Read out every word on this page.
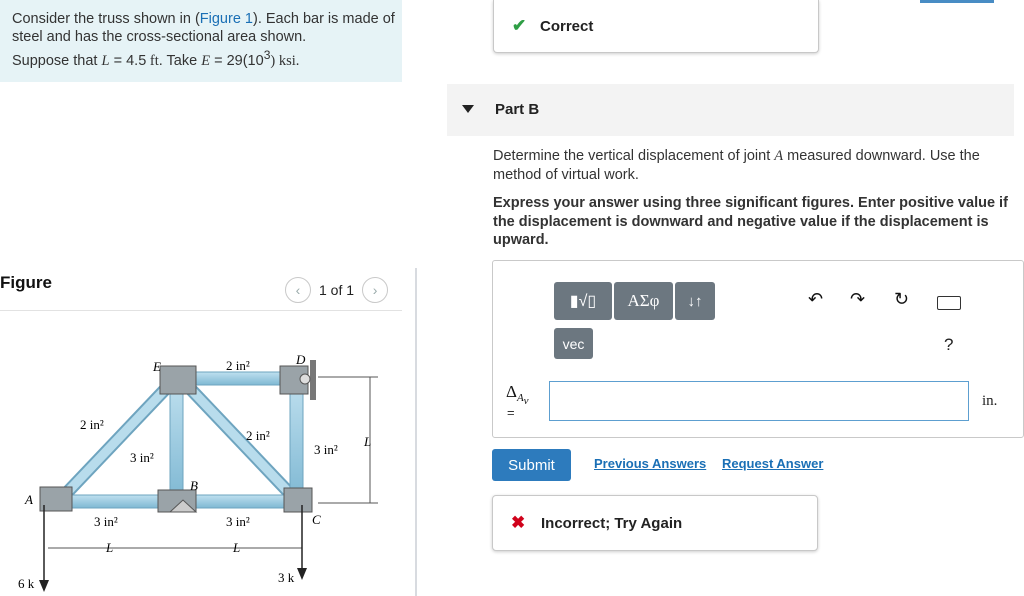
Consider the truss shown in (Figure 1). Each bar is made of steel and has the cross-sectional area shown.
Suppose that L = 4.5 ft. Take $E = 29(10^3)$ ksi.
Figure	‹ 1 of 1 ›
E	D
A
B
C
L
L	L
2 in²
2 in²
2 in²
3 in²
3 in²
3 in²	3 in²
6 k	3 k
✔ Correct
Part B
Determine the vertical displacement of joint A measured downward. Use the method of virtual work.
Express your answer using three significant figures. Enter positive value if the displacement is downward and negative value if the displacement is upward.
▮√▯	ΑΣφ	↓↑
vec
↶ ↷ ↻
?
$\Delta_{A_v}$
=
in.
Submit	Previous Answers Request Answer
✖ Incorrect; Try Again
